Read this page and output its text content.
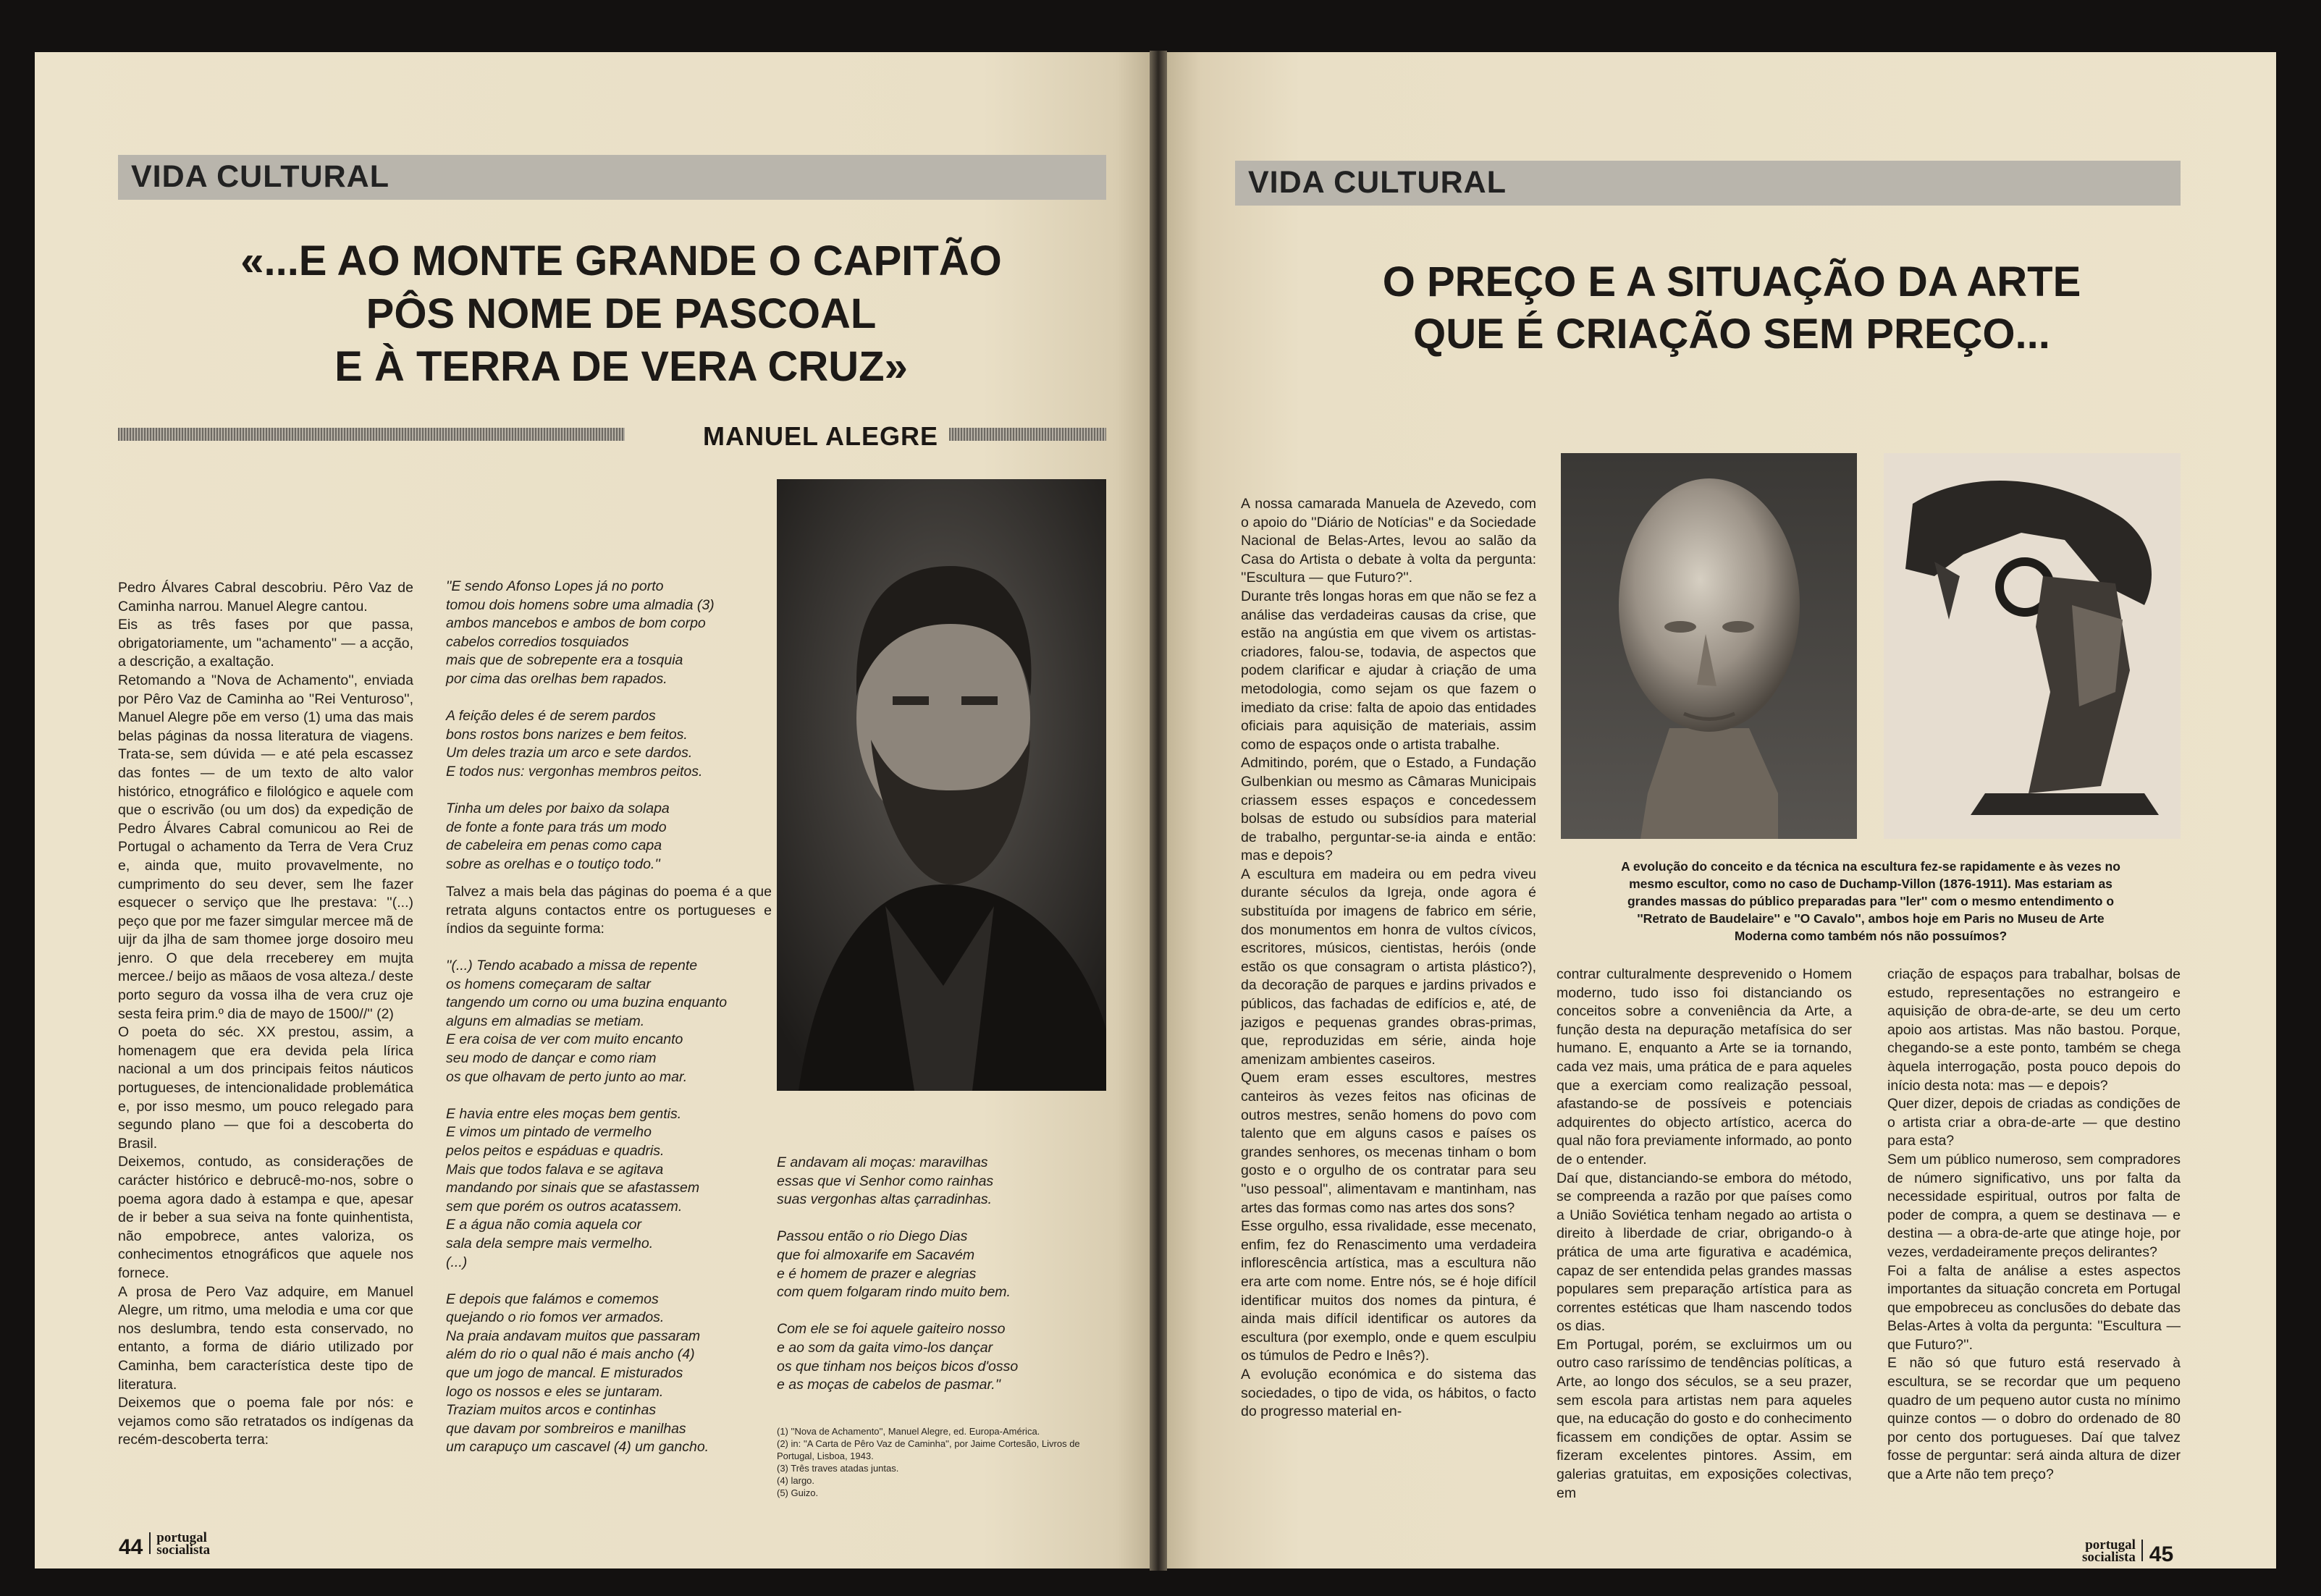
VIDA CULTURAL
«...E AO MONTE GRANDE O CAPITÃO
PÔS NOME DE PASCOAL
E À TERRA DE VERA CRUZ»
MANUEL ALEGRE
Pedro Álvares Cabral descobriu. Pêro Vaz de Caminha narrou. Manuel Alegre cantou.
Eis as três fases por que passa, obrigatoriamente, um ''achamento'' — a acção, a descrição, a exaltação.
Retomando a ''Nova de Achamento'', enviada por Pêro Vaz de Caminha ao ''Rei Venturoso'', Manuel Alegre põe em verso (1) uma das mais belas páginas da nossa literatura de viagens. Trata-se, sem dúvida — e até pela escassez das fontes — de um texto de alto valor histórico, etnográfico e filológico e aquele com que o escrivão (ou um dos) da expedição de Pedro Álvares Cabral comunicou ao Rei de Portugal o achamento da Terra de Vera Cruz e, ainda que, muito provavelmente, no cumprimento do seu dever, sem lhe fazer esquecer o serviço que lhe prestava: ''(...) peço que por me fazer simgular mercee mã de uijr da jlha de sam thomee jorge dosoiro meu jenro. O que dela rreceberey em mujta mercee./ beijo as mãaos de vosa alteza./ deste porto seguro da vossa ilha de vera cruz oje sesta feira prim.º dia de mayo de 1500//'' (2)
O poeta do séc. XX prestou, assim, a homenagem que era devida pela lírica nacional a um dos principais feitos náuticos portugueses, de intencionalidade problemática e, por isso mesmo, um pouco relegado para segundo plano — que foi a descoberta do Brasil.
Deixemos, contudo, as considerações de carácter histórico e debrucê-mo-nos, sobre o poema agora dado à estampa e que, apesar de ir beber a sua seiva na fonte quinhentista, não empobrece, antes valoriza, os conhecimentos etnográficos que aquele nos fornece.
A prosa de Pero Vaz adquire, em Manuel Alegre, um ritmo, uma melodia e uma cor que nos deslumbra, tendo esta conservado, no entanto, a forma de diário utilizado por Caminha, bem característica deste tipo de literatura.
Deixemos que o poema fale por nós: e vejamos como são retratados os indígenas da recém-descoberta terra:
''E sendo Afonso Lopes já no porto
tomou dois homens sobre uma almadia (3)
ambos mancebos e ambos de bom corpo
cabelos corredios tosquiados
mais que de sobrepente era a tosquia
por cima das orelhas bem rapados.

A feição deles é de serem pardos
bons rostos bons narizes e bem feitos.
Um deles trazia um arco e sete dardos.
E todos nus: vergonhas membros peitos.

Tinha um deles por baixo da solapa
de fonte a fonte para trás um modo
de cabeleira em penas como capa
sobre as orelhas e o toutiço todo.''
Talvez a mais bela das páginas do poema é a que retrata alguns contactos entre os portugueses e índios da seguinte forma:
''(...) Tendo acabado a missa de repente
os homens começaram de saltar
tangendo um corno ou uma buzina enquanto
alguns em almadias se metiam.
E era coisa de ver com muito encanto
seu modo de dançar e como riam
os que olhavam de perto junto ao mar.

E havia entre eles moças bem gentis.
E vimos um pintado de vermelho
pelos peitos e espáduas e quadris.
Mais que todos falava e se agitava
mandando por sinais que se afastassem
sem que porém os outros acatassem.
E a água não comia aquela cor
sala dela sempre mais vermelho.
(...)

E depois que falámos e comemos
quejando o rio fomos ver armados.
Na praia andavam muitos que passaram
além do rio o qual não é mais ancho (4)
que um jogo de mancal. E misturados
logo os nossos e eles se juntaram.
Traziam muitos arcos e continhas
que davam por sombreiros e manilhas
um carapuço um cascavel (4) um gancho.
E andavam ali moças: maravilhas
essas que vi Senhor como rainhas
suas vergonhas altas çarradinhas.

Passou então o rio Diego Dias
que foi almoxarife em Sacavém
e é homem de prazer e alegrias
com quem folgaram rindo muito bem.

Com ele se foi aquele gaiteiro nosso
e ao som da gaita vimo-los dançar
os que tinham nos beiços bicos d'osso
e as moças de cabelos de pasmar.''
(1) ''Nova de Achamento'', Manuel Alegre, ed. Europa-América.
(2) in: ''A Carta de Pêro Vaz de Caminha'', por Jaime Cortesão, Livros de Portugal, Lisboa, 1943.
(3) Três traves atadas juntas.
(4) largo.
(5) Guizo.
44 portugal
socialista
VIDA CULTURAL
O PREÇO E A SITUAÇÃO DA ARTE
QUE É CRIAÇÃO SEM PREÇO...
A nossa camarada Manuela de Azevedo, com o apoio do ''Diário de Notícias'' e da Sociedade Nacional de Belas-Artes, levou ao salão da Casa do Artista o debate à volta da pergunta: ''Escultura — que Futuro?''.
Durante três longas horas em que não se fez a análise das verdadeiras causas da crise, que estão na angústia em que vivem os artistas-criadores, falou-se, todavia, de aspectos que podem clarificar e ajudar à criação de uma metodologia, como sejam os que fazem o imediato da crise: falta de apoio das entidades oficiais para aquisição de materiais, assim como de espaços onde o artista trabalhe.
Admitindo, porém, que o Estado, a Fundação Gulbenkian ou mesmo as Câmaras Municipais criassem esses espaços e concedessem bolsas de estudo ou subsídios para material de trabalho, perguntar-se-ia ainda e então: mas e depois?
A escultura em madeira ou em pedra viveu durante séculos da Igreja, onde agora é substituída por imagens de fabrico em série, dos monumentos em honra de vultos cívicos, escritores, músicos, cientistas, heróis (onde estão os que consagram o artista plástico?), da decoração de parques e jardins privados e públicos, das fachadas de edifícios e, até, de jazigos e pequenas grandes obras-primas, que, reproduzidas em série, ainda hoje amenizam ambientes caseiros.
Quem eram esses escultores, mestres canteiros às vezes feitos nas oficinas de outros mestres, senão homens do povo com talento que em alguns casos e países os grandes senhores, os mecenas tinham o bom gosto e o orgulho de os contratar para seu ''uso pessoal'', alimentavam e mantinham, nas artes das formas como nas artes dos sons?
Esse orgulho, essa rivalidade, esse mecenato, enfim, fez do Renascimento uma verdadeira inflorescência artística, mas a escultura não era arte com nome. Entre nós, se é hoje difícil identificar muitos dos nomes da pintura, é ainda mais difícil identificar os autores da escultura (por exemplo, onde e quem esculpiu os túmulos de Pedro e Inês?).
A evolução económica e do sistema das sociedades, o tipo de vida, os hábitos, o facto do progresso material en-
A evolução do conceito e da técnica na escultura fez-se rapidamente e às vezes no
mesmo escultor, como no caso de Duchamp-Villon (1876-1911). Mas estariam as
grandes massas do público preparadas para ''ler'' com o mesmo entendimento o
''Retrato de Baudelaire'' e ''O Cavalo'', ambos hoje em Paris no Museu de Arte
Moderna como também nós não possuímos?
contrar culturalmente desprevenido o Homem moderno, tudo isso foi distanciando os conceitos sobre a conveniência da Arte, a função desta na depuração metafísica do ser humano. E, enquanto a Arte se ia tornando, cada vez mais, uma prática de e para aqueles que a exerciam como realização pessoal, afastando-se de possíveis e potenciais adquirentes do objecto artístico, acerca do qual não fora previamente informado, ao ponto de o entender.
Daí que, distanciando-se embora do método, se compreenda a razão por que países como a União Soviética tenham negado ao artista o direito à liberdade de criar, obrigando-o à prática de uma arte figurativa e académica, capaz de ser entendida pelas grandes massas populares sem preparação artística para as correntes estéticas que lham nascendo todos os dias.
Em Portugal, porém, se excluirmos um ou outro caso raríssimo de tendências políticas, a Arte, ao longo dos séculos, se a seu prazer, sem escola para artistas nem para aqueles que, na educação do gosto e do conhecimento ficassem em condições de optar. Assim se fizeram excelentes pintores. Assim, em galerias gratuitas, em exposições colectivas, em
criação de espaços para trabalhar, bolsas de estudo, representações no estrangeiro e aquisição de obra-de-arte, se deu um certo apoio aos artistas. Mas não bastou. Porque, chegando-se a este ponto, também se chega àquela interrogação, posta pouco depois do início desta nota: mas — e depois?
Quer dizer, depois de criadas as condições de o artista criar a obra-de-arte — que destino para esta?
Sem um público numeroso, sem compradores de número significativo, uns por falta da necessidade espiritual, outros por falta de poder de compra, a quem se destinava — e destina — a obra-de-arte que atinge hoje, por vezes, verdadeiramente preços delirantes?
Foi a falta de análise a estes aspectos importantes da situação concreta em Portugal que empobreceu as conclusões do debate das Belas-Artes à volta da pergunta: ''Escultura — que Futuro?''.
E não só que futuro está reservado à escultura, se se recordar que um pequeno quadro de um pequeno autor custa no mínimo quinze contos — o dobro do ordenado de 80 por cento dos portugueses. Daí que talvez fosse de perguntar: será ainda altura de dizer que a Arte não tem preço?
portugal
socialista 45
